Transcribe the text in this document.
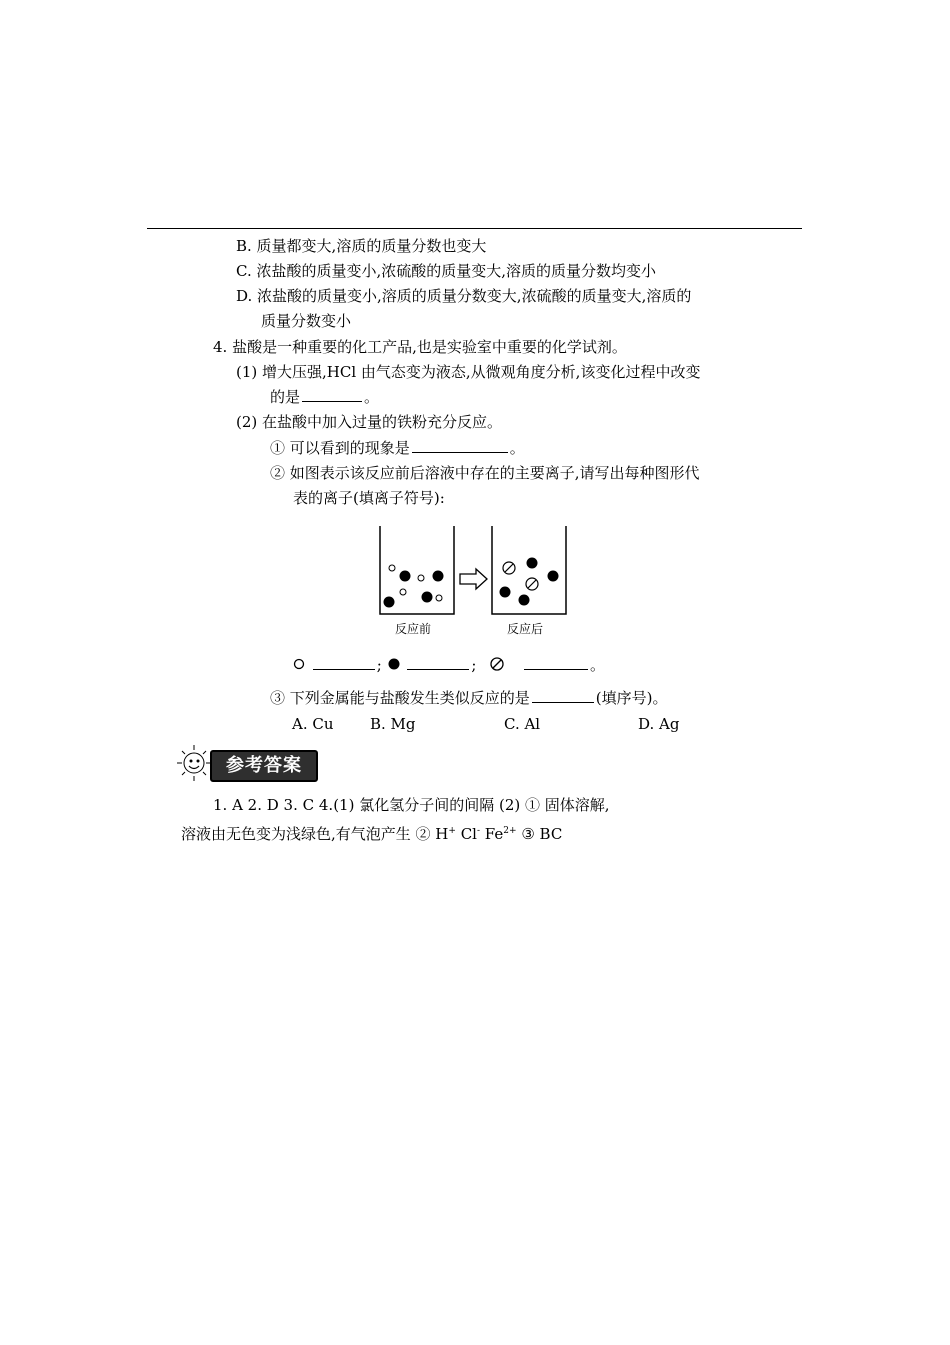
B. 质量都变大,溶质的质量分数也变大
C. 浓盐酸的质量变小,浓硫酸的质量变大,溶质的质量分数均变小
D. 浓盐酸的质量变小,溶质的质量分数变大,浓硫酸的质量变大,溶质的
质量分数变小
4. 盐酸是一种重要的化工产品,也是实验室中重要的化学试剂。
(1) 增大压强,HCl 由气态变为液态,从微观角度分析,该变化过程中改变
的是	。
(2) 在盐酸中加入过量的铁粉充分反应。
① 可以看到的现象是	。
② 如图表示该反应前后溶液中存在的主要离子,请写出每种图形代
表的离子(填离子符号):
反应前	反应后
;	;	。
③ 下列金属能与盐酸发生类似反应的是	(填序号)。
A. Cu B. Mg	C. Al	D. Ag
参考答案
1. A 2. D 3. C 4.(1) 氯化氢分子间的间隔 (2) ① 固体溶解,
溶液由无色变为浅绿色,有气泡产生 ② H+ Cl- $Fe^{2+}$ ③ BC
